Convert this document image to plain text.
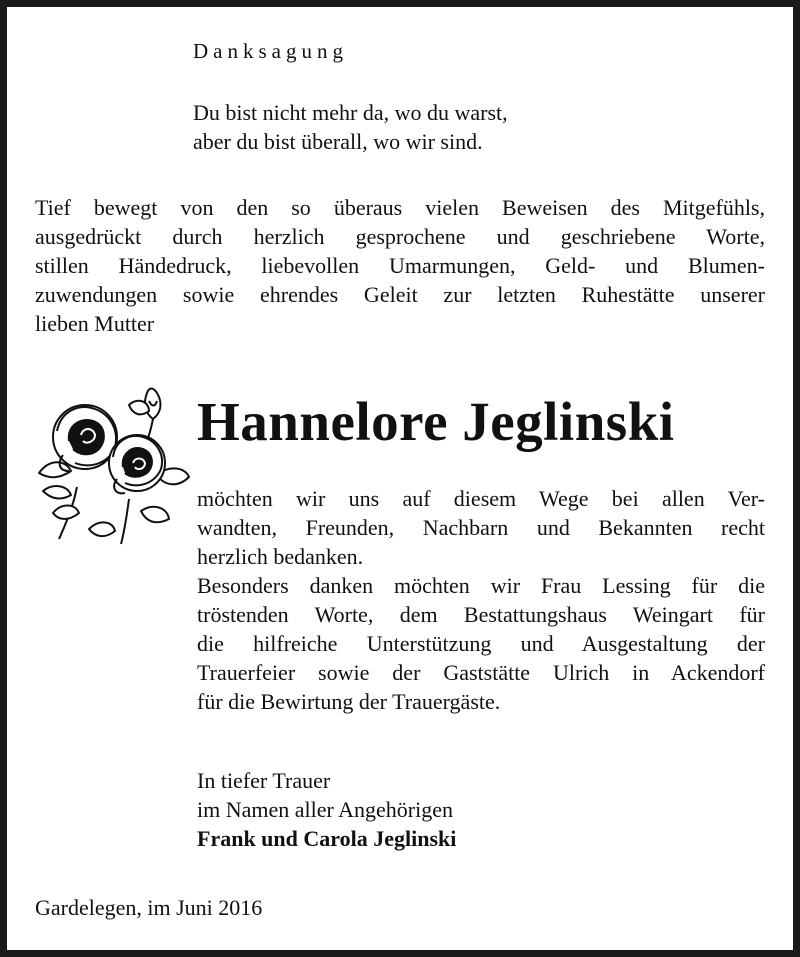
Danksagung
Du bist nicht mehr da, wo du warst,
aber du bist überall, wo wir sind.
Tief bewegt von den so überaus vielen Beweisen des Mitgefühls,
ausgedrückt durch herzlich gesprochene und geschriebene Worte,
stillen Händedruck, liebevollen Umarmungen, Geld- und Blumen-
zuwendungen sowie ehrendes Geleit zur letzten Ruhestätte unserer
lieben Mutter
Hannelore Jeglinski
möchten wir uns auf diesem Wege bei allen Ver-
wandten, Freunden, Nachbarn und Bekannten recht
herzlich bedanken.
Besonders danken möchten wir Frau Lessing für die
tröstenden Worte, dem Bestattungshaus Weingart für
die hilfreiche Unterstützung und Ausgestaltung der
Trauerfeier sowie der Gaststätte Ulrich in Ackendorf
für die Bewirtung der Trauergäste.
In tiefer Trauer
im Namen aller Angehörigen
Frank und Carola Jeglinski
Gardelegen, im Juni 2016
